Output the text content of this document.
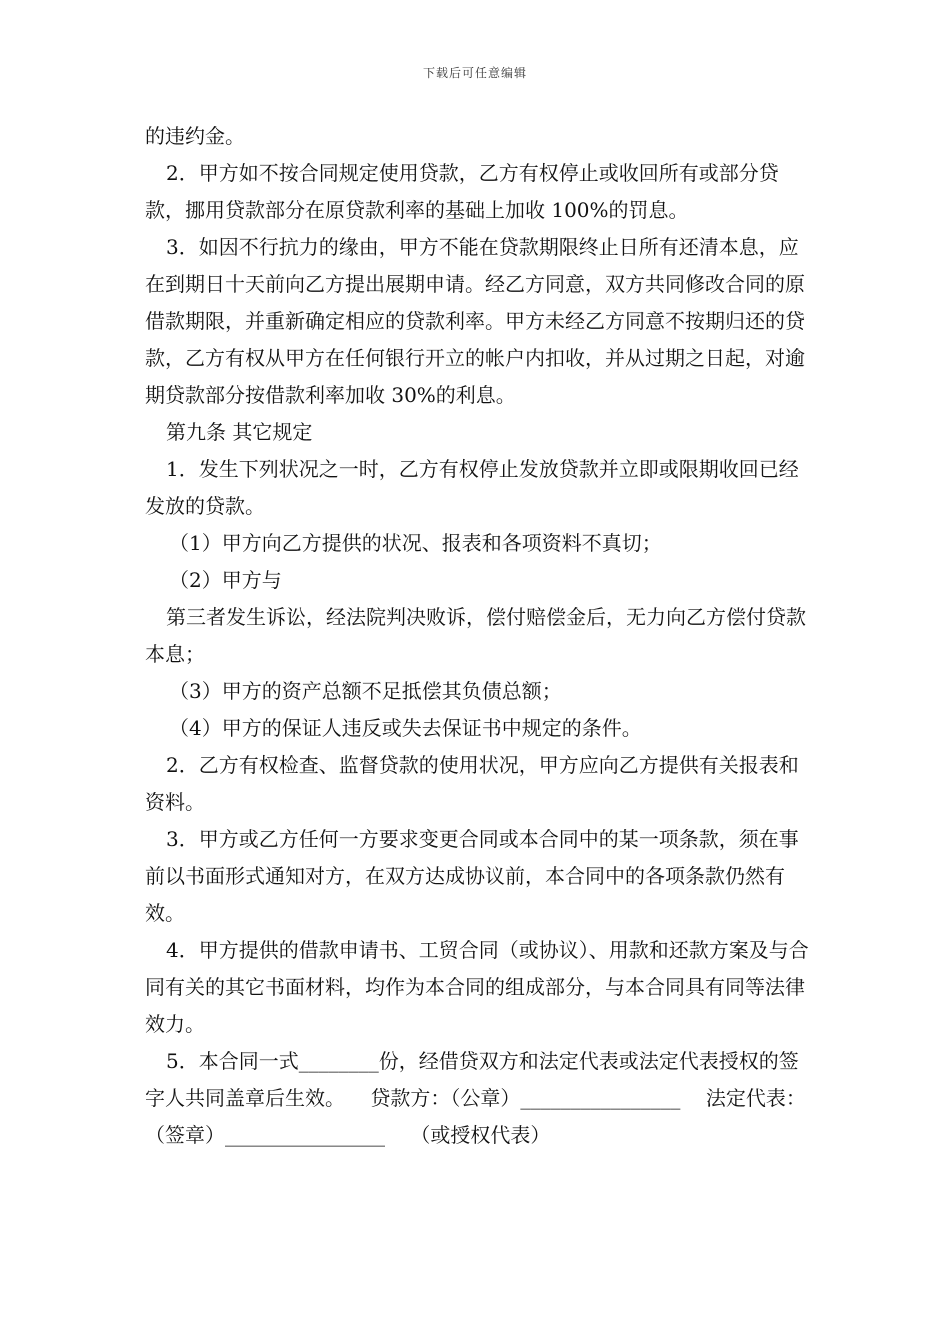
下载后可任意编辑

的违约金。

2．甲方如不按合同规定使用贷款，乙方有权停止或收回所有或部分贷款，挪用贷款部分在原贷款利率的基础上加收 100%的罚息。

3．如因不行抗力的缘由，甲方不能在贷款期限终止日所有还清本息，应在到期日十天前向乙方提出展期申请。经乙方同意，双方共同修改合同的原借款期限，并重新确定相应的贷款利率。甲方未经乙方同意不按期归还的贷款，乙方有权从甲方在任何银行开立的帐户内扣收，并从过期之日起，对逾期贷款部分按借款利率加收 30%的利息。

第九条 其它规定

1．发生下列状况之一时，乙方有权停止发放贷款并立即或限期收回已经发放的贷款。

（1）甲方向乙方提供的状况、报表和各项资料不真切；

（2）甲方与

第三者发生诉讼，经法院判决败诉，偿付赔偿金后，无力向乙方偿付贷款本息；

（3）甲方的资产总额不足抵偿其负债总额；

（4）甲方的保证人违反或失去保证书中规定的条件。

2．乙方有权检查、监督贷款的使用状况，甲方应向乙方提供有关报表和资料。

3．甲方或乙方任何一方要求变更合同或本合同中的某一项条款，须在事前以书面形式通知对方，在双方达成协议前，本合同中的各项条款仍然有效。

4．甲方提供的借款申请书、工贸合同（或协议）、用款和还款方案及与合同有关的其它书面材料，均作为本合同的组成部分，与本合同具有同等法律效力。

5．本合同一式________份，经借贷双方和法定代表或法定代表授权的签字人共同盖章后生效。    贷款方：（公章）________________    法定代表：（签章）________________    （或授权代表）
